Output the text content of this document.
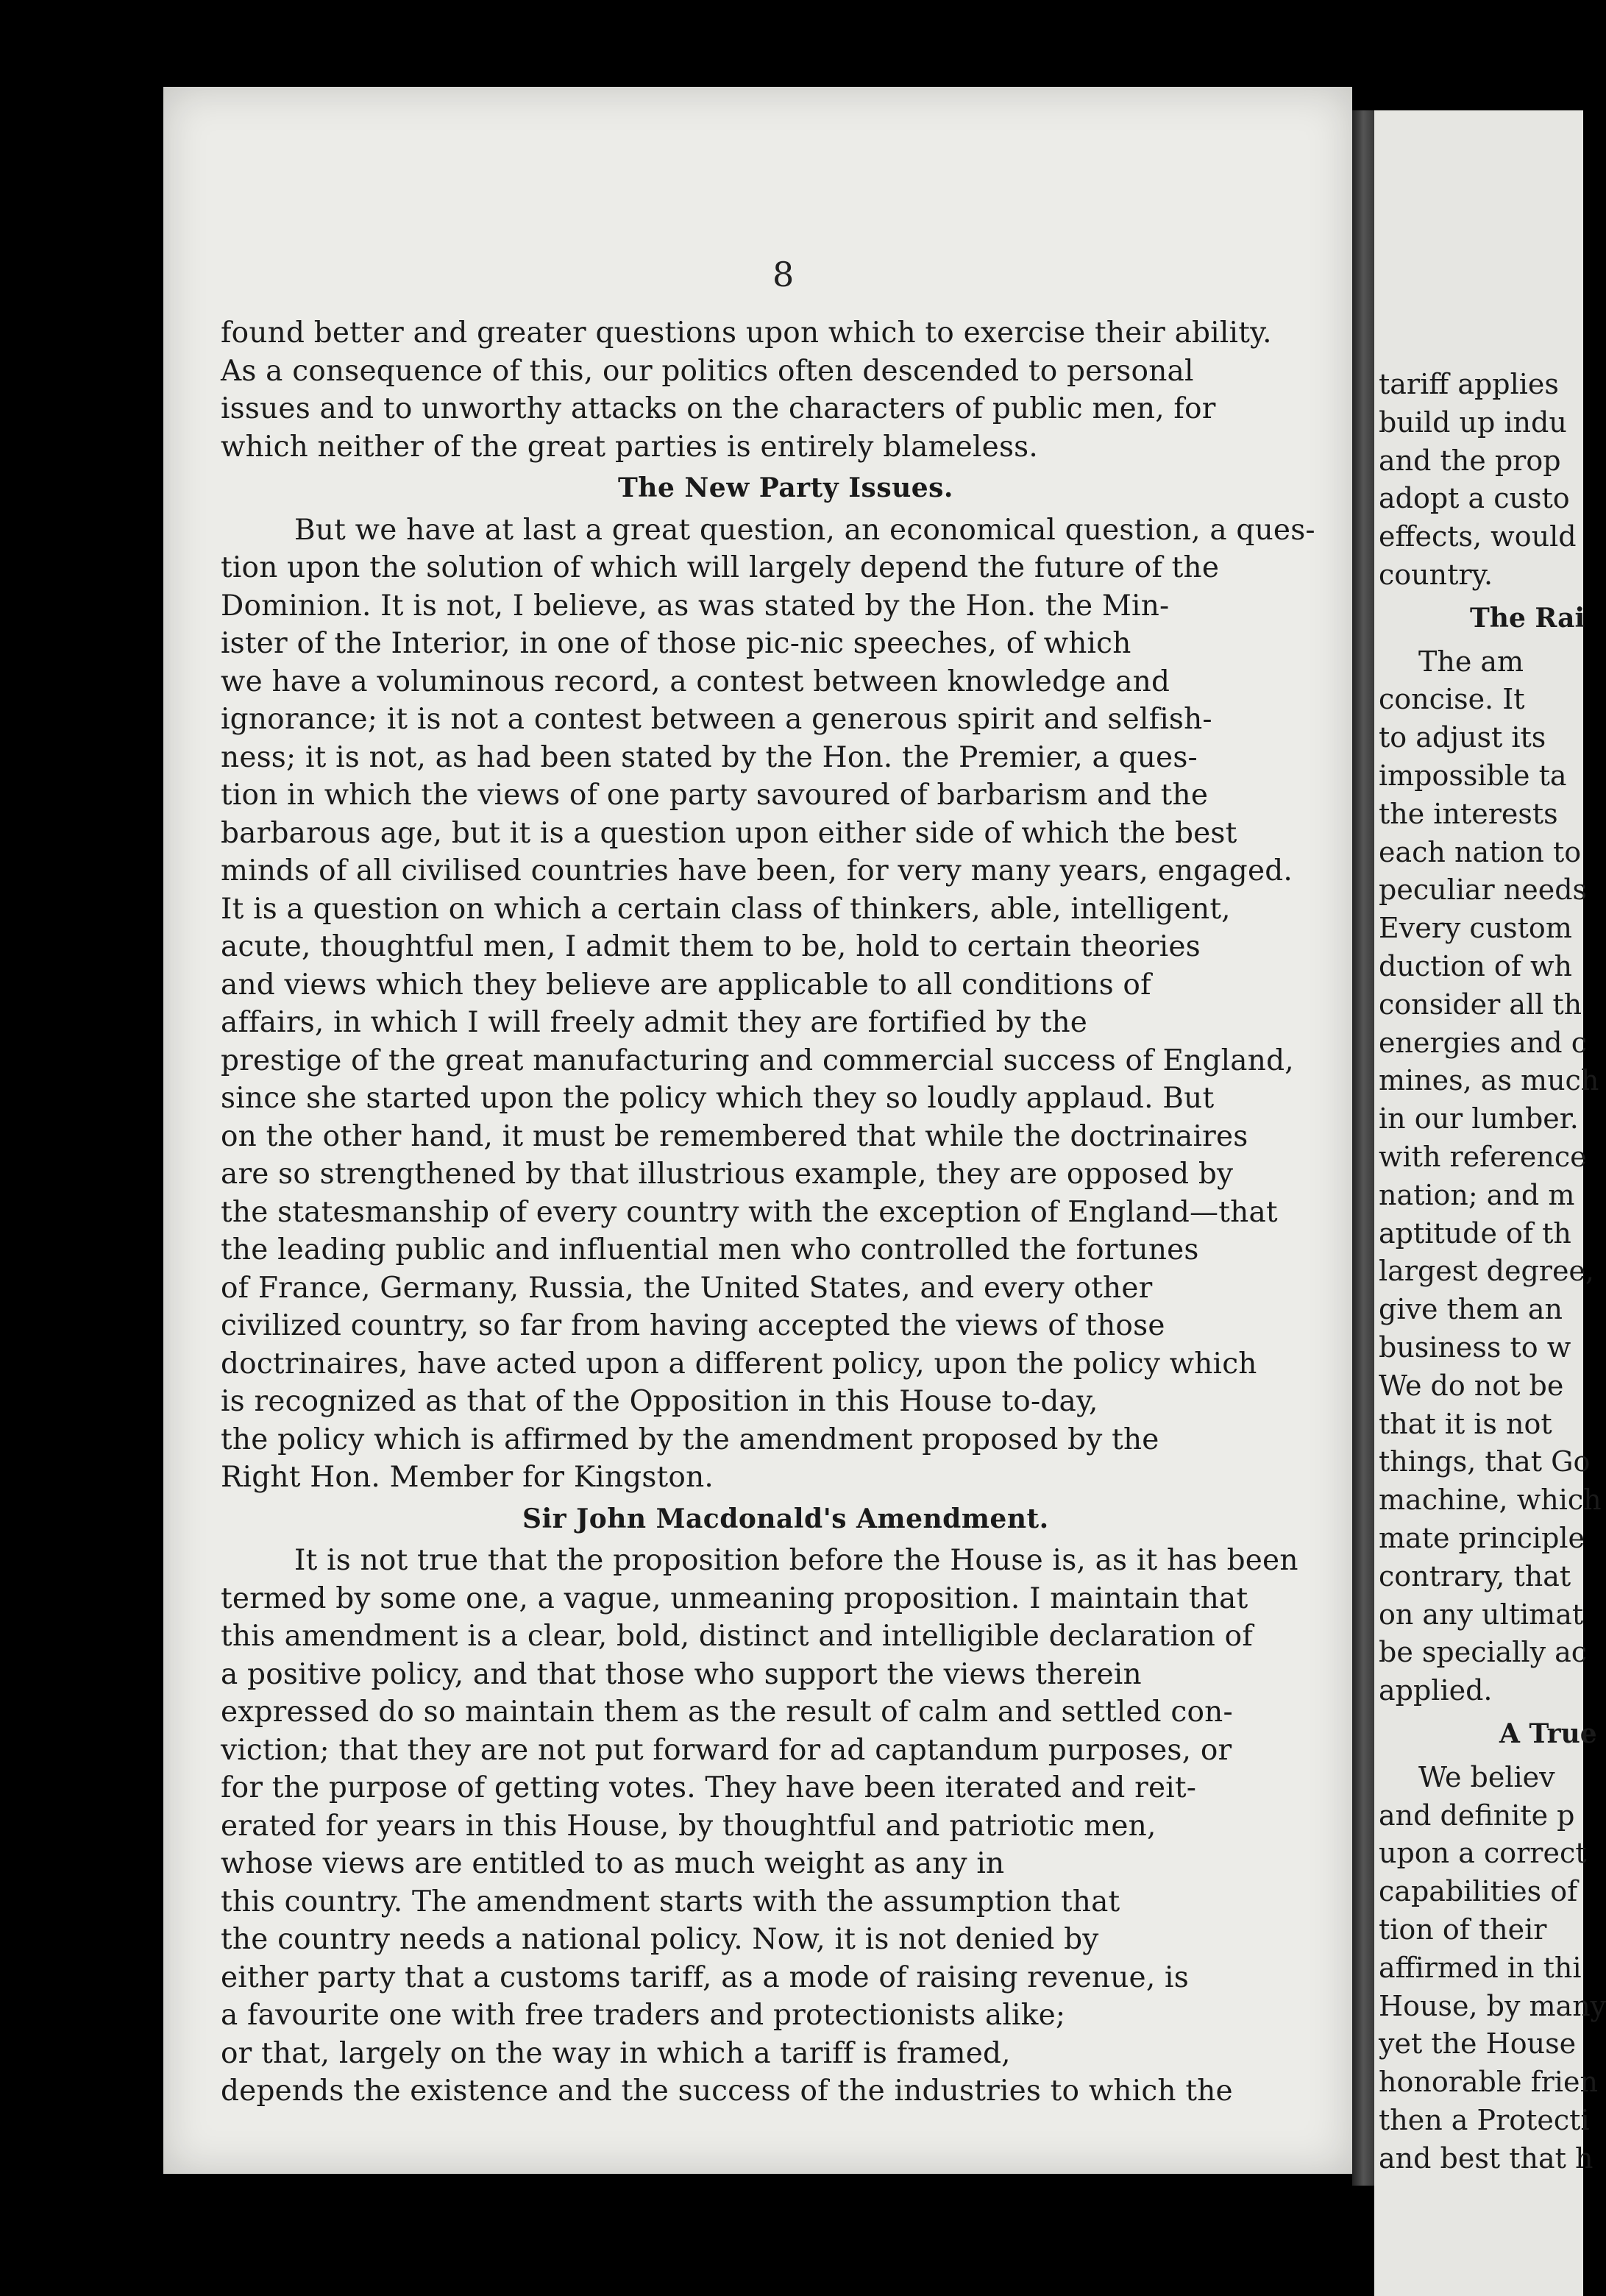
8
found better and greater questions upon which to exercise their ability.
As a consequence of this, our politics often descended to personal
issues and to unworthy attacks on the characters of public men, for
which neither of the great parties is entirely blameless.
The New Party Issues.
But we have at last a great question, an economical question, a ques-
tion upon the solution of which will largely depend the future of the
Dominion. It is not, I believe, as was stated by the Hon. the Min-
ister of the Interior, in one of those pic-nic speeches, of which
we have a voluminous record, a contest between knowledge and
ignorance; it is not a contest between a generous spirit and selfish-
ness; it is not, as had been stated by the Hon. the Premier, a ques-
tion in which the views of one party savoured of barbarism and the
barbarous age, but it is a question upon either side of which the best
minds of all civilised countries have been, for very many years, engaged.
It is a question on which a certain class of thinkers, able, intelligent,
acute, thoughtful men, I admit them to be, hold to certain theories
and views which they believe are applicable to all conditions of
affairs, in which I will freely admit they are fortified by the
prestige of the great manufacturing and commercial success of England,
since she started upon the policy which they so loudly applaud. But
on the other hand, it must be remembered that while the doctrinaires
are so strengthened by that illustrious example, they are opposed by
the statesmanship of every country with the exception of England—that
the leading public and influential men who controlled the fortunes
of France, Germany, Russia, the United States, and every other
civilized country, so far from having accepted the views of those
doctrinaires, have acted upon a different policy, upon the policy which
is recognized as that of the Opposition in this House to-day,
the policy which is affirmed by the amendment proposed by the
Right Hon. Member for Kingston.
Sir John Macdonald's Amendment.
It is not true that the proposition before the House is, as it has been
termed by some one, a vague, unmeaning proposition. I maintain that
this amendment is a clear, bold, distinct and intelligible declaration of
a positive policy, and that those who support the views therein
expressed do so maintain them as the result of calm and settled con-
viction; that they are not put forward for ad captandum purposes, or
for the purpose of getting votes. They have been iterated and reit-
erated for years in this House, by thoughtful and patriotic men,
whose views are entitled to as much weight as any in
this country. The amendment starts with the assumption that
the country needs a national policy. Now, it is not denied by
either party that a customs tariff, as a mode of raising revenue, is
a favourite one with free traders and protectionists alike;
or that, largely on the way in which a tariff is framed,
depends the existence and the success of the industries to which the
tariff applies
build up indu
and the prop
adopt a custo
effects, would
country.
The Rai
The am
concise. It
to adjust its
impossible ta
the interests
each nation to
peculiar needs
Every custom
duction of wh
consider all th
energies and c
mines, as much
in our lumber.
with reference
nation; and m
aptitude of th
largest degree,
give them an
business to w
We do not be
that it is not
things, that Go
machine, which
mate principle
contrary, that
on any ultimat
be specially ac
applied.
A True
We believ
and definite p
upon a correct
capabilities of
tion of their
affirmed in thi
House, by many
yet the House
honorable frien
then a Protecti
and best that h
